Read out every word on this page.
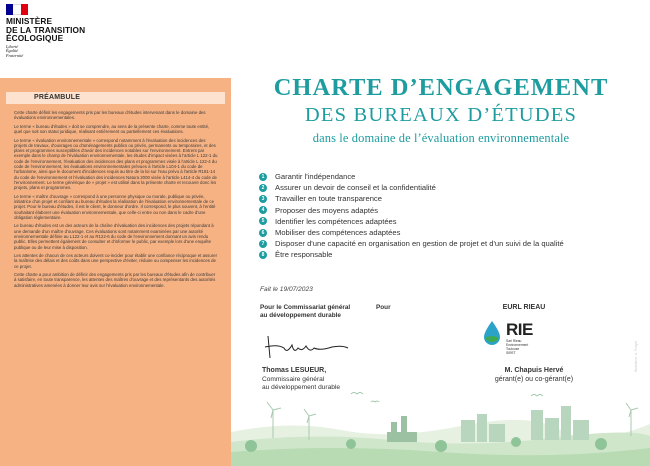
MINISTÈRE
DE LA TRANSITION
ÉCOLOGIQUE
Liberté
Égalité
Fraternité
PRÉAMBULE

Cette charte définit les engagements pris par les bureaux d'études intervenant dans le domaine des évaluations environnementales.

Le terme « bureau d'études » doit se comprendre, au sens de la présente charte, comme toute entité, quel que soit son statut juridique, réalisant entièrement ou partiellement ces évaluations.

Le terme « évaluation environnementale » correspond notamment à l'évaluation des incidences des projets de travaux, d'ouvrages ou d'aménagements publics ou privés, permanents ou temporaires, et des plans et programmes susceptibles d'avoir des incidences notables sur l'environnement. Entrent par exemple dans le champ de l'évaluation environnementale, les études d'impact visées à l'article L 122-1 du code de l'environnement, l'évaluation des incidences des plans et programmes visée à l'article L 122-4 du code de l'environnement, les évaluations environnementales prévues à l'article L104-1 du code de l'urbanisme, ainsi que le document d'incidences requis au titre de la loi sur l'eau prévu à l'article R181-14 du code de l'environnement et l'évaluation des incidences Natura 2000 visée à l'article L414-4 du code de l'environnement. Le terme générique de « projet » est utilisé dans la présente charte et recouvre donc les projets, plans et programmes.

Le terme « maître d'ouvrage » correspond à une personne physique ou morale, publique ou privée, initiatrice d'un projet et confiant au bureau d'études la réalisation de l'évaluation environnementale de ce projet. Pour le bureau d'études, il est le client, le donneur d'ordre. Il correspond, le plus souvent, à l'entité souhaitant élaborer une évaluation environnementale, que celle-ci entre ou non dans le cadre d'une obligation réglementaire.

Le bureau d'études est un des acteurs de la chaîne d'évaluation des incidences des projets répondant à une demande d'un maître d'ouvrage. Ces évaluations sont notamment examinées par une autorité environnementale définie au L122-1 et au R122-6 du code de l'environnement donnant un avis rendu public. Elles permettent également de consulter et d'informer le public, par exemple lors d'une enquête publique ou de leur mise à disposition.

Les attentes de chacun de ces acteurs doivent co-incider pour établir une confiance réciproque et assurer la maîtrise des délais et des coûts dans une perspective d'éviter, réduire ou compenser les incidences de ce projet.

Cette charte a pour ambition de définir des engagements pris par les bureaux d'études afin de contribuer à satisfaire, en toute transparence, les attentes des maîtres d'ouvrage et des représentants des autorités administratives amenées à donner leur avis sur l'évaluation environnementale.

CHARTE D’ENGAGEMENT
DES BUREAUX D’ÉTUDES
dans le domaine de l’évaluation environnementale
1	Garantir l'indépendance
2	Assurer un devoir de conseil et la confidentialité
3	Travailler en toute transparence
4	Proposer des moyens adaptés
5	Identifier les compétences adaptées
6	Mobiliser des compétences adaptées
7	Disposer d'une capacité en organisation en gestion de projet et d'un suivi de la qualité
8	Être responsable
Fait le 19/07/2023
Pour le Commissariat général
au développement durable
Pour
Thomas LESUEUR,
Commissaire général
au développement durable
EURL RIEAU
RIE
Sarl Rieau
Environnement
Toulouse
SIRET
M. Chapuis Hervé
gérant(e) ou co-gérant(e)
Illustration : A. Pouget
